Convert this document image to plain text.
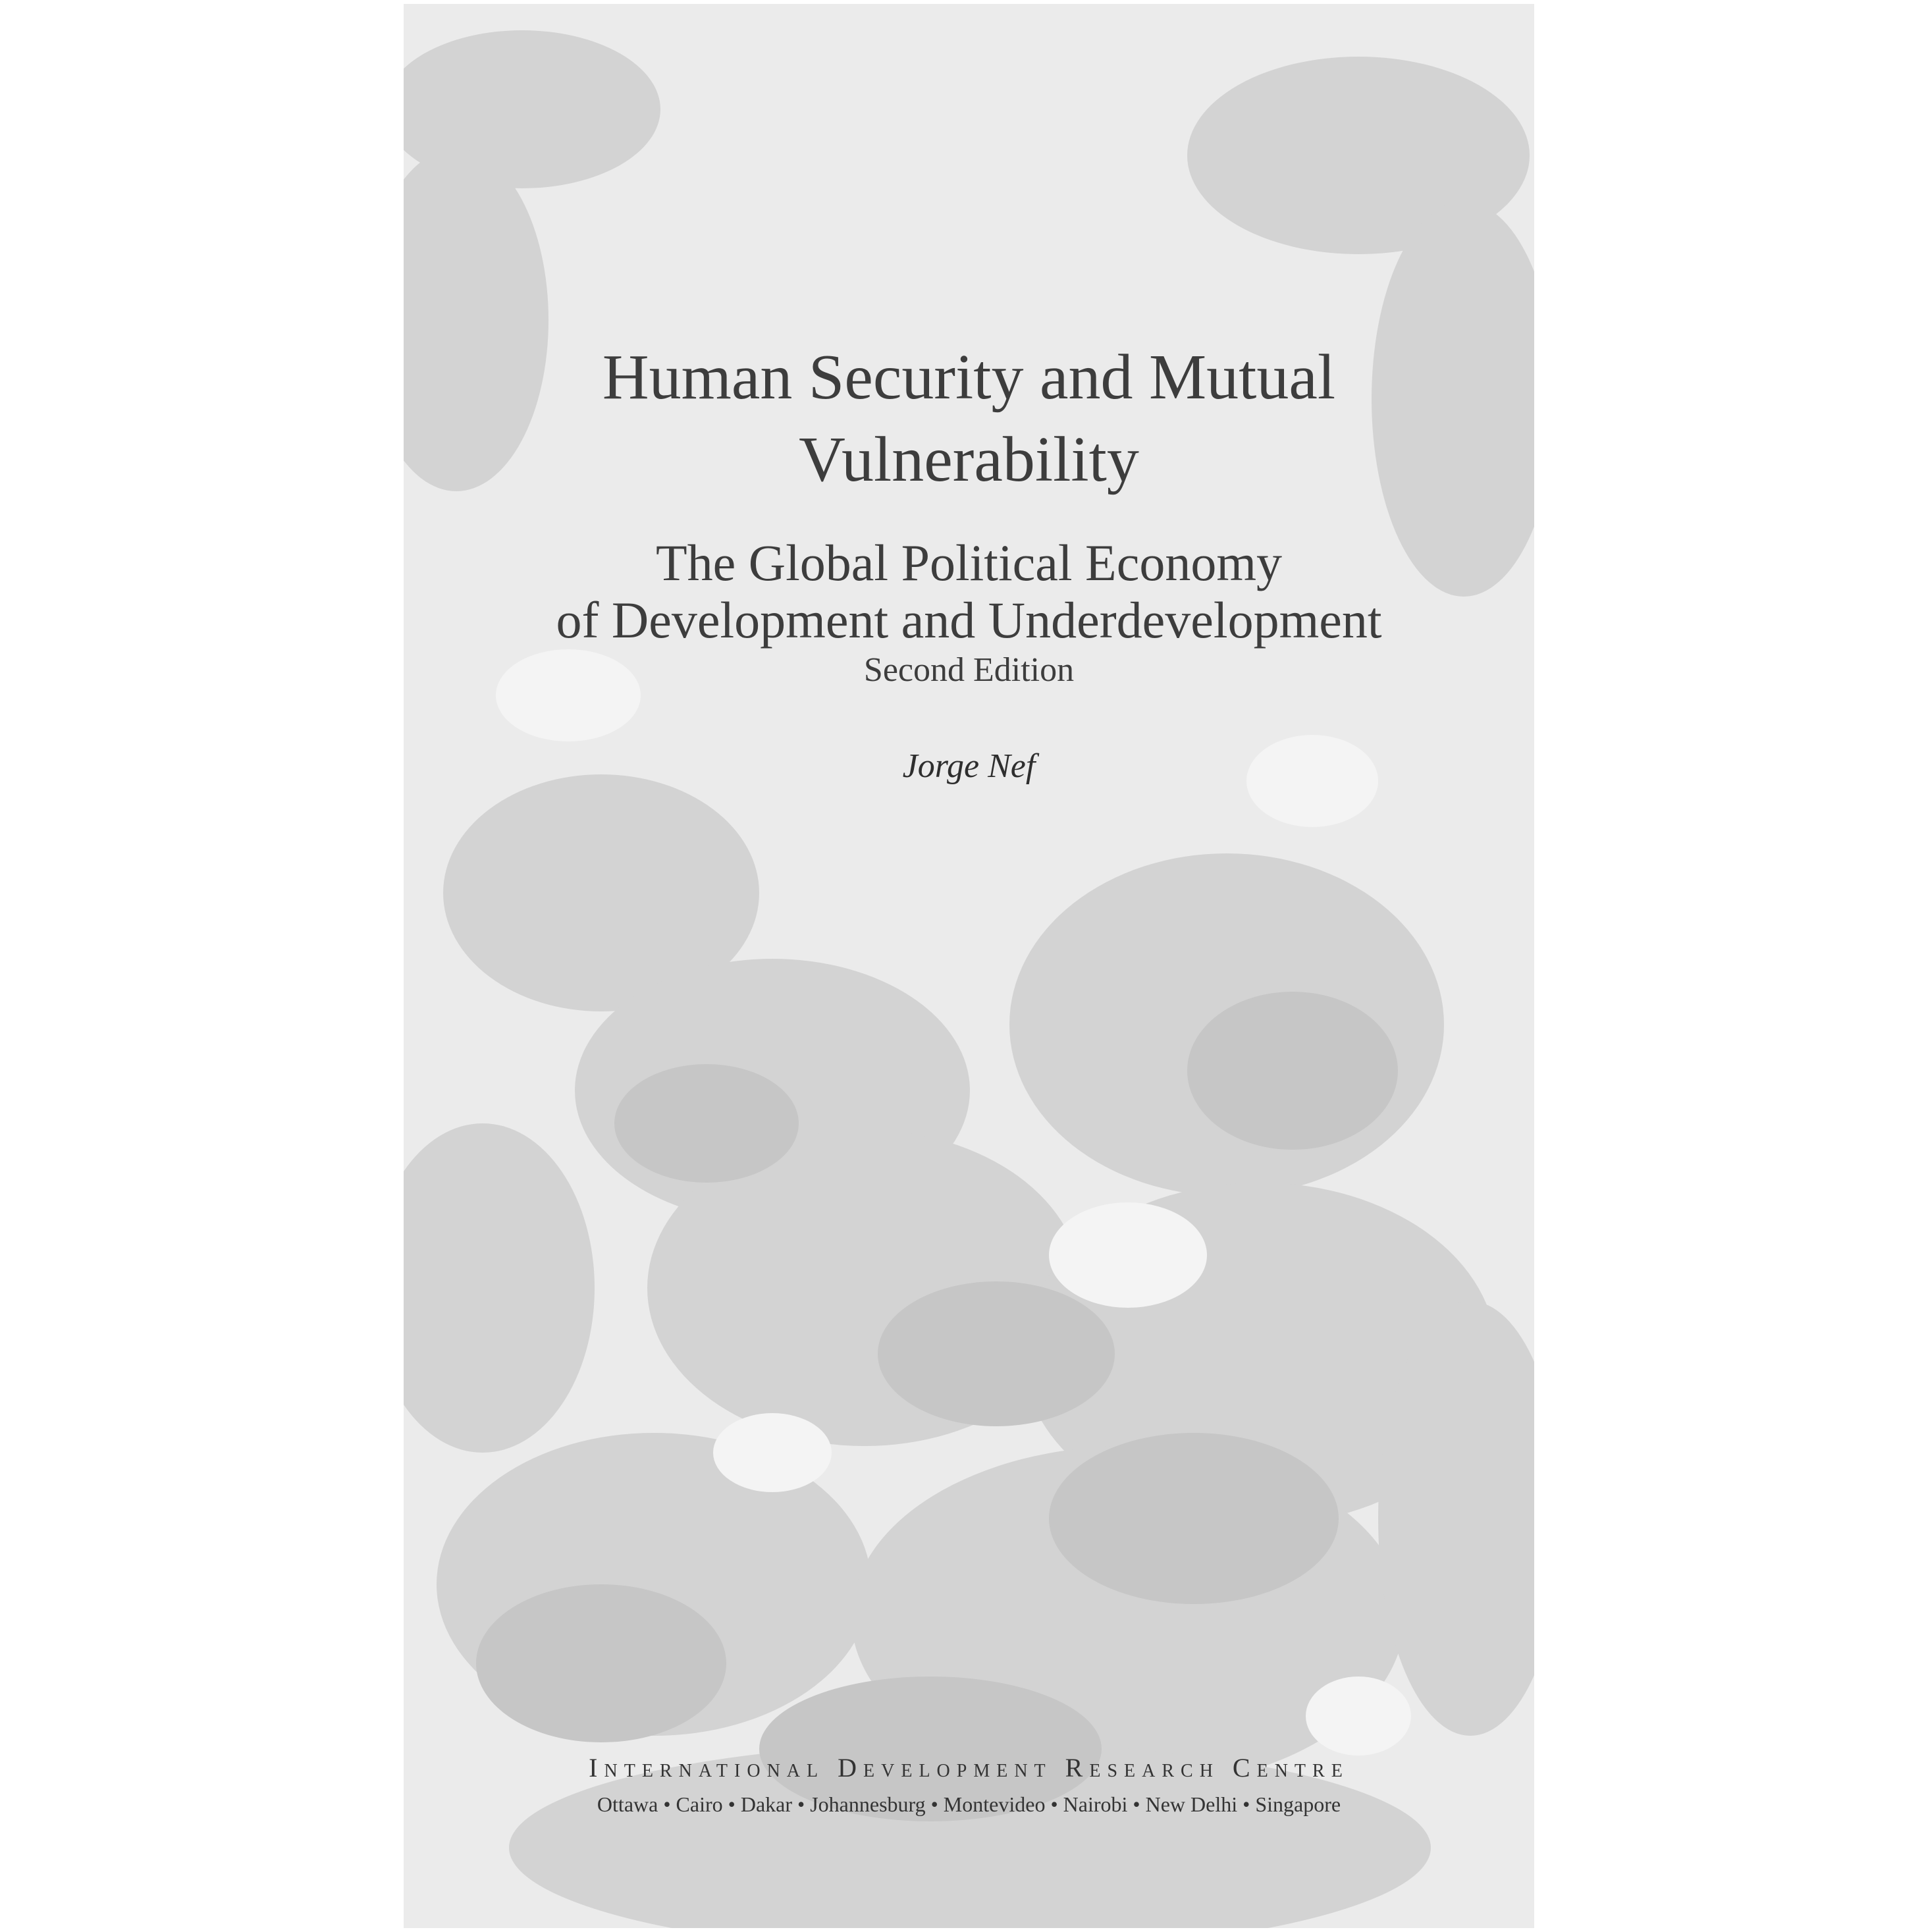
Human Security and Mutual
Vulnerability
The Global Political Economy
of Development and Underdevelopment
Second Edition
Jorge Nef
International Development Research Centre
Ottawa • Cairo • Dakar • Johannesburg • Montevideo • Nairobi • New Delhi • Singapore
